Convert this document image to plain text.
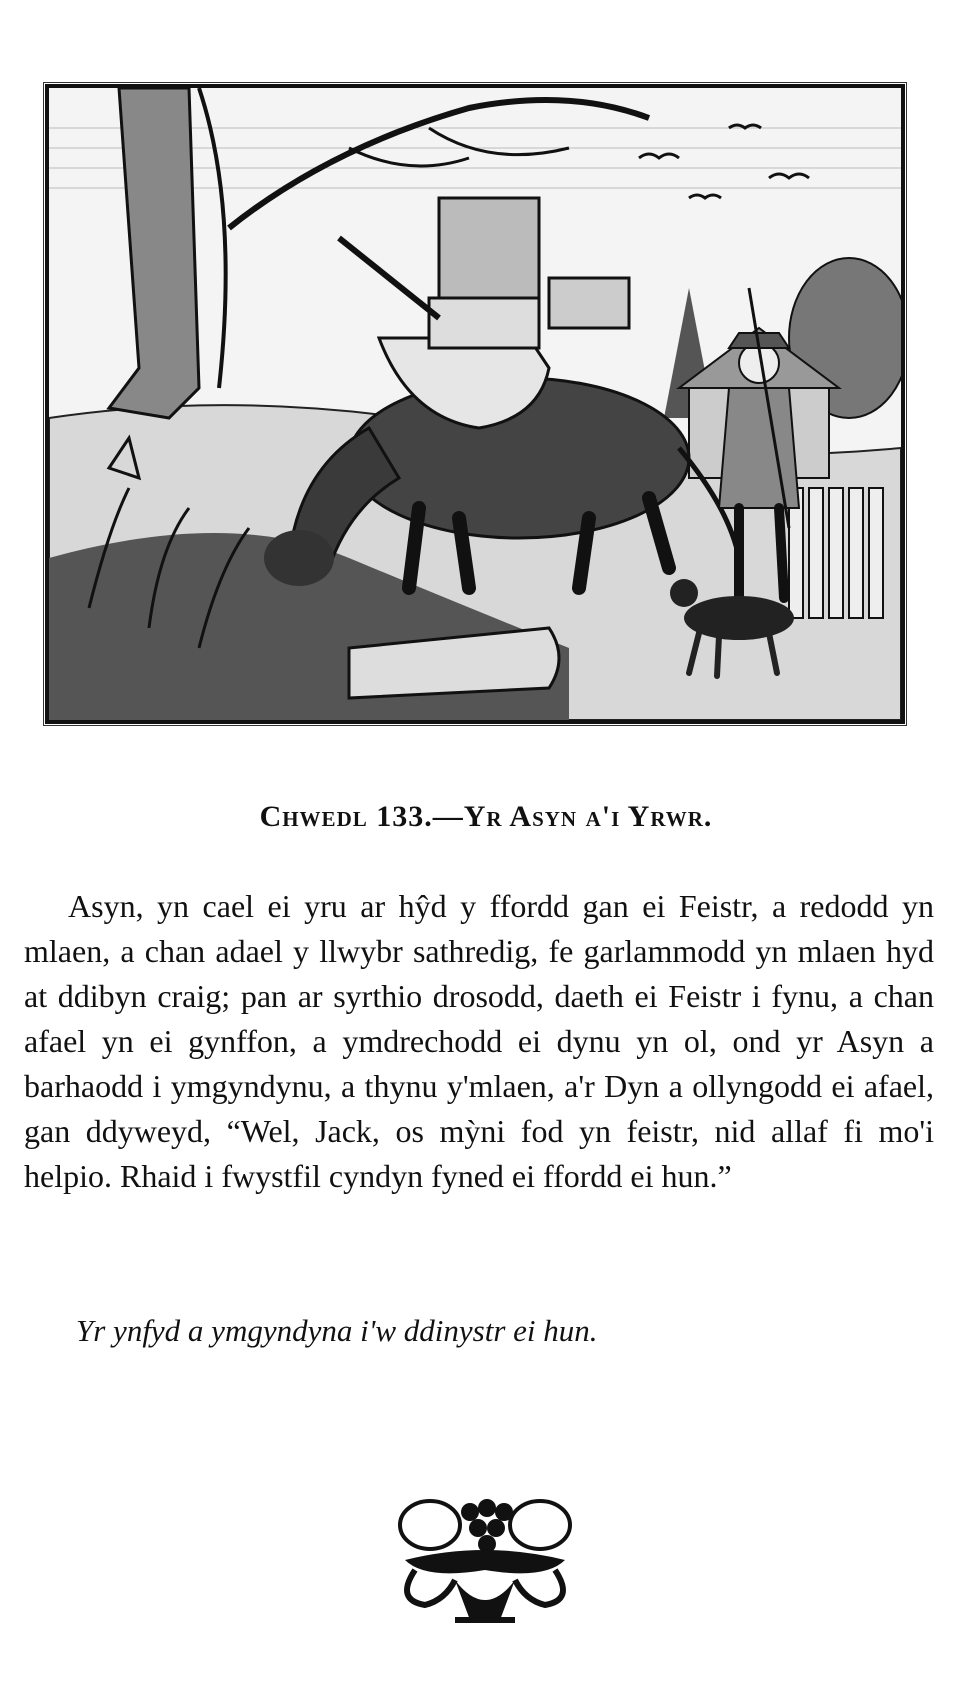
Chwedl 133.—Yr Asyn a'i Yrwr.

Asyn, yn cael ei yru ar hŷd y ffordd gan ei Feistr, a redodd yn mlaen, a chan adael y llwybr sathredig, fe garlammodd yn mlaen hyd at ddibyn craig; pan ar syrthio drosodd, daeth ei Feistr i fynu, a chan afael yn ei gynffon, a ymdrechodd ei dynu yn ol, ond yr Asyn a barhaodd i ymgyndynu, a thynu y'mlaen, a'r Dyn a ollyngodd ei afael, gan ddyweyd, “Wel, Jack, os mỳni fod yn feistr, nid allaf fi mo'i helpio. Rhaid i fwystfil cyndyn fyned ei ffordd ei hun.”

Yr ynfyd a ymgyndyna i'w ddinystr ei hun.
